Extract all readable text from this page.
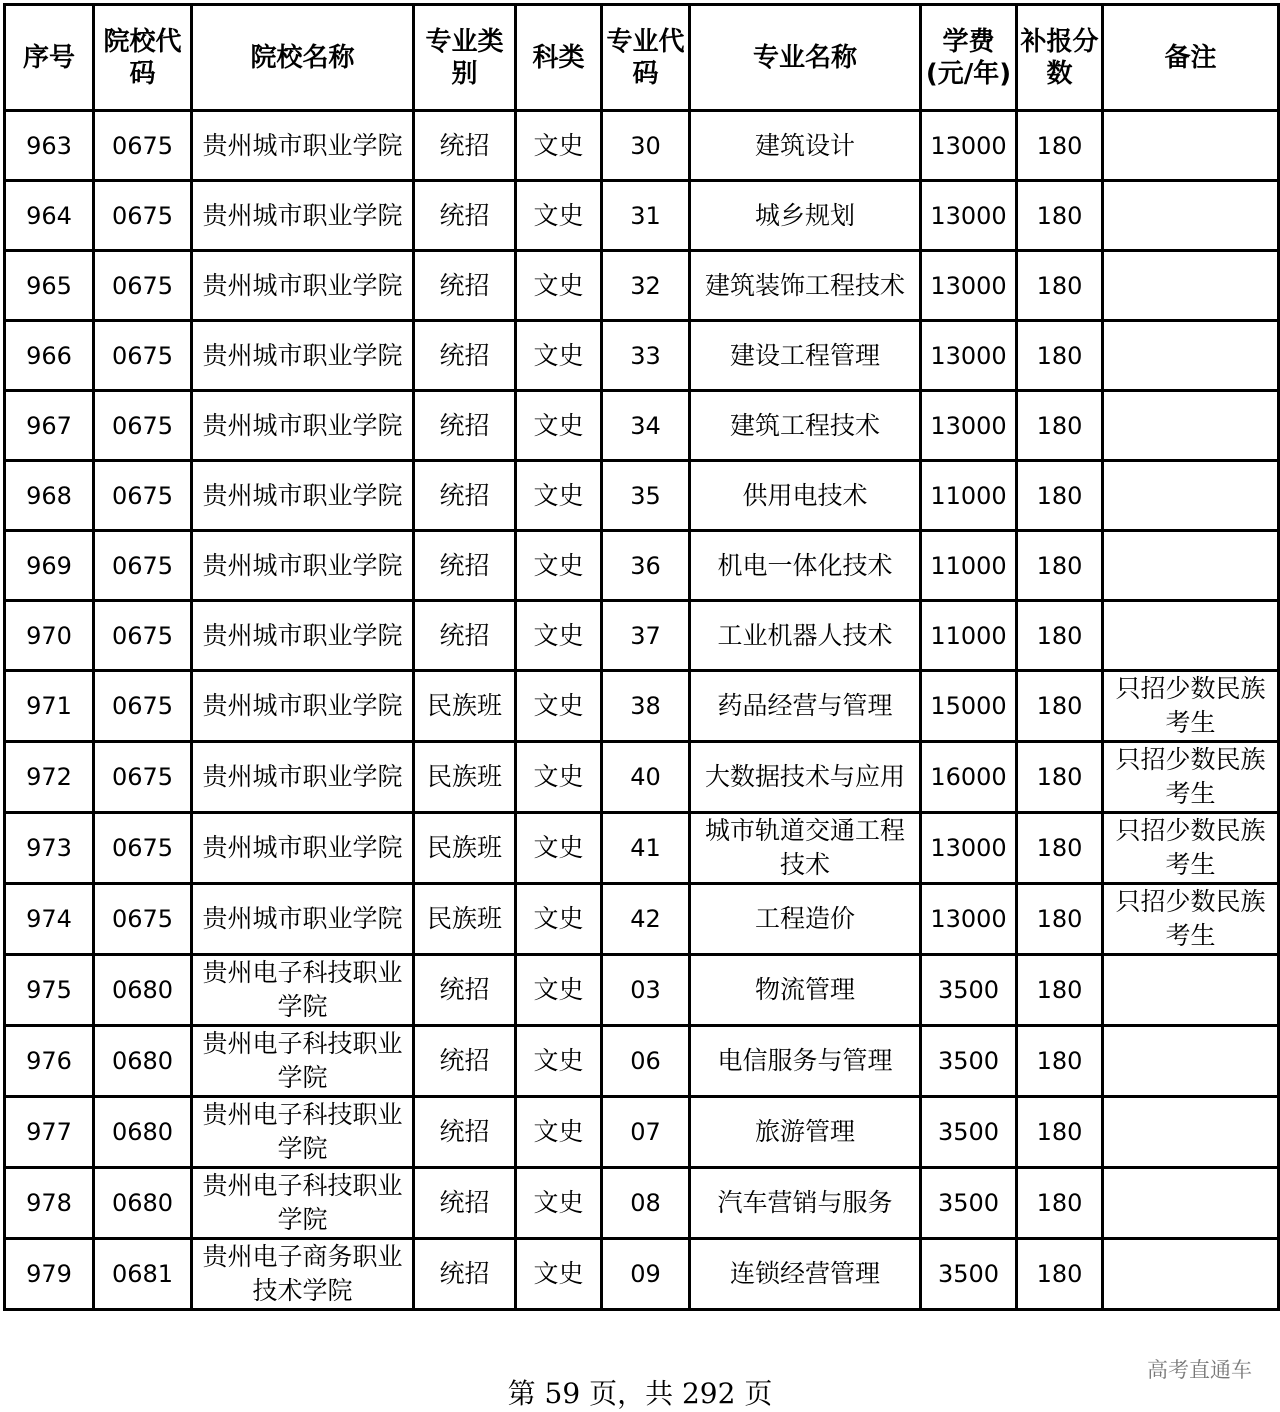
序号	院校代码	院校名称	专业类别	科类	专业代码	专业名称	学费(元/年)	补报分数	备注
963	0675	贵州城市职业学院	统招	文史	30	建筑设计	13000	180	
964	0675	贵州城市职业学院	统招	文史	31	城乡规划	13000	180	
965	0675	贵州城市职业学院	统招	文史	32	建筑装饰工程技术	13000	180	
966	0675	贵州城市职业学院	统招	文史	33	建设工程管理	13000	180	
967	0675	贵州城市职业学院	统招	文史	34	建筑工程技术	13000	180	
968	0675	贵州城市职业学院	统招	文史	35	供用电技术	11000	180	
969	0675	贵州城市职业学院	统招	文史	36	机电一体化技术	11000	180	
970	0675	贵州城市职业学院	统招	文史	37	工业机器人技术	11000	180	
971	0675	贵州城市职业学院	民族班	文史	38	药品经营与管理	15000	180	只招少数民族考生
972	0675	贵州城市职业学院	民族班	文史	40	大数据技术与应用	16000	180	只招少数民族考生
973	0675	贵州城市职业学院	民族班	文史	41	城市轨道交通工程技术	13000	180	只招少数民族考生
974	0675	贵州城市职业学院	民族班	文史	42	工程造价	13000	180	只招少数民族考生
975	0680	贵州电子科技职业学院	统招	文史	03	物流管理	3500	180	
976	0680	贵州电子科技职业学院	统招	文史	06	电信服务与管理	3500	180	
977	0680	贵州电子科技职业学院	统招	文史	07	旅游管理	3500	180	
978	0680	贵州电子科技职业学院	统招	文史	08	汽车营销与服务	3500	180	
979	0681	贵州电子商务职业技术学院	统招	文史	09	连锁经营管理	3500	180	
第 59 页，共 292 页
高考直通车
